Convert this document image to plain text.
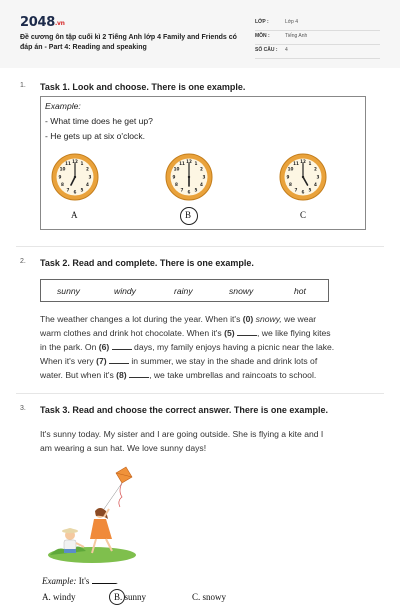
2048.vn
Đề cương ôn tập cuối kì 2 Tiếng Anh lớp 4 Family and Friends có đáp án - Part 4: Reading and speaking
LỚP :	Lớp 4
MÔN :	Tiếng Anh
SỐ CÂU : 4
1. Task 1. Look and choose. There is one example.
Example:
- What time does he get up?
- He gets up at six o'clock.
12 1
2
3
4
5
6
7
8
9
10
11	12 1
2
3
4
5
6
7
8
9
10
11	12 1
2
3
4
5
6
7
8
9
10
11
A	B	C
2. Task 2. Read and complete. There is one example.
sunny	windy	rainy	snowy	hot
The weather changes a lot during the year. When it's (0) snowy, we wear
warm clothes and drink hot chocolate. When it's (5)	, we like flying kites
in the park. On (6)	days, my family enjoys having a picnic near the lake.
When it's very (7)	in summer, we stay in the shade and drink lots of
water. But when it's (8)	, we take umbrellas and raincoats to school.
3. Task 3. Read and choose the correct answer. There is one example.
It's sunny today. My sister and I are going outside. She is flying a kite and I
am wearing a sun hat. We love sunny days!
Example: It's	.
A. windy	B. sunny	C. snowy
